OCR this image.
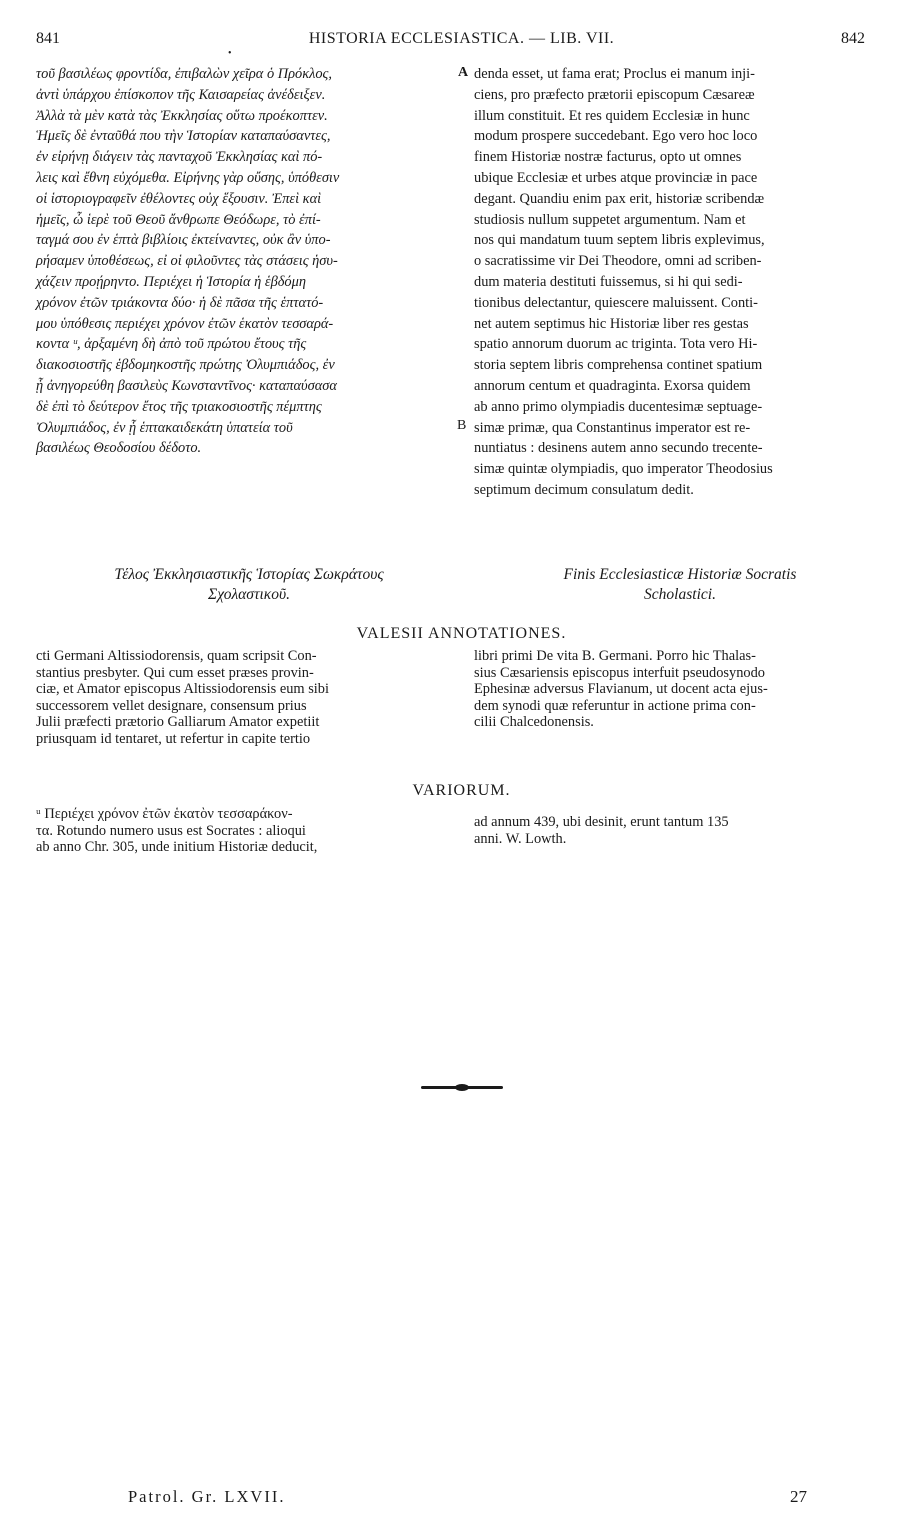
841	HISTORIA ECCLESIASTICA. — LIB. VII.	842
•
A
B
τοῦ βασιλέως φροντίδα, ἐπιβαλὼν χεῖρα ὁ Πρόκλος,
ἀντὶ ὑπάρχου ἐπίσκοπον τῆς Καισαρείας ἀνέδειξεν.
Ἀλλὰ τὰ μὲν κατὰ τὰς Ἐκκλησίας οὕτω προέκοπτεν.
Ἡμεῖς δὲ ἐνταῦθά που τὴν Ἱστορίαν καταπαύσαντες,
ἐν εἰρήνῃ διάγειν τὰς πανταχοῦ Ἐκκλησίας καὶ πό-
λεις καὶ ἔθνη εὐχόμεθα. Εἰρήνης γὰρ οὔσης, ὑπόθεσιν
οἱ ἱστοριογραφεῖν ἐθέλοντες οὐχ ἕξουσιν. Ἐπεὶ καὶ
ἡμεῖς, ὦ ἱερὲ τοῦ Θεοῦ ἄνθρωπε Θεόδωρε, τὸ ἐπί-
ταγμά σου ἐν ἑπτὰ βιβλίοις ἐκτείναντες, οὐκ ἂν ὑπο-
ρήσαμεν ὑποθέσεως, εἰ οἱ φιλοῦντες τὰς στάσεις ἡσυ-
χάζειν προῄρηντο. Περιέχει ἡ Ἱστορία ἡ ἑβδόμη
χρόνον ἐτῶν τριάκοντα δύο· ἡ δὲ πᾶσα τῆς ἑπτατό-
μου ὑπόθεσις περιέχει χρόνον ἐτῶν ἑκατὸν τεσσαρά-
κοντα ᵘ, ἀρξαμένη δὴ ἀπὸ τοῦ πρώτου ἔτους τῆς
διακοσιοστῆς ἑβδομηκοστῆς πρώτης Ὀλυμπιάδος, ἐν
ᾗ ἀνηγορεύθη βασιλεὺς Κωνσταντῖνος· καταπαύσασα
δὲ ἐπὶ τὸ δεύτερον ἔτος τῆς τριακοσιοστῆς πέμπτης
Ὀλυμπιάδος, ἐν ᾗ ἑπτακαιδεκάτη ὑπατεία τοῦ
βασιλέως Θεοδοσίου δέδοτο.
denda esset, ut fama erat; Proclus ei manum inji-
ciens, pro præfecto prætorii episcopum Cæsareæ
illum constituit. Et res quidem Ecclesiæ in hunc
modum prospere succedebant. Ego vero hoc loco
finem Historiæ nostræ facturus, opto ut omnes
ubique Ecclesiæ et urbes atque provinciæ in pace
degant. Quandiu enim pax erit, historiæ scribendæ
studiosis nullum suppetet argumentum. Nam et
nos qui mandatum tuum septem libris explevimus,
o sacratissime vir Dei Theodore, omni ad scriben-
dum materia destituti fuissemus, si hi qui sedi-
tionibus delectantur, quiescere maluissent. Conti-
net autem septimus hic Historiæ liber res gestas
spatio annorum duorum ac triginta. Tota vero Hi-
storia septem libris comprehensa continet spatium
annorum centum et quadraginta. Exorsa quidem
ab anno primo olympiadis ducentesimæ septuage-
simæ primæ, qua Constantinus imperator est re-
nuntiatus : desinens autem anno secundo trecente-
simæ quintæ olympiadis, quo imperator Theodosius
septimum decimum consulatum dedit.
Τέλος Ἐκκλησιαστικῆς Ἱστορίας Σωκράτους
Σχολαστικοῦ.
Finis Ecclesiasticæ Historiæ Socratis
Scholastici.
VALESII ANNOTATIONES.
cti Germani Altissiodorensis, quam scripsit Con-
stantius presbyter. Qui cum esset præses provin-
ciæ, et Amator episcopus Altissiodorensis eum sibi
successorem vellet designare, consensum prius
Julii præfecti prætorio Galliarum Amator expetiit
priusquam id tentaret, ut refertur in capite tertio
libri primi De vita B. Germani. Porro hic Thalas-
sius Cæsariensis episcopus interfuit pseudosynodo
Ephesinæ adversus Flavianum, ut docent acta ejus-
dem synodi quæ referuntur in actione prima con-
cilii Chalcedonensis.
VARIORUM.
ᵘ Περιέχει χρόνον ἐτῶν ἑκατὸν τεσσαράκον-
τα. Rotundo numero usus est Socrates : alioqui
ab anno Chr. 305, unde initium Historiæ deducit,
ad annum 439, ubi desinit, erunt tantum 135
anni. W. Lowth.
Patrol. Gr. LXVII.	27
